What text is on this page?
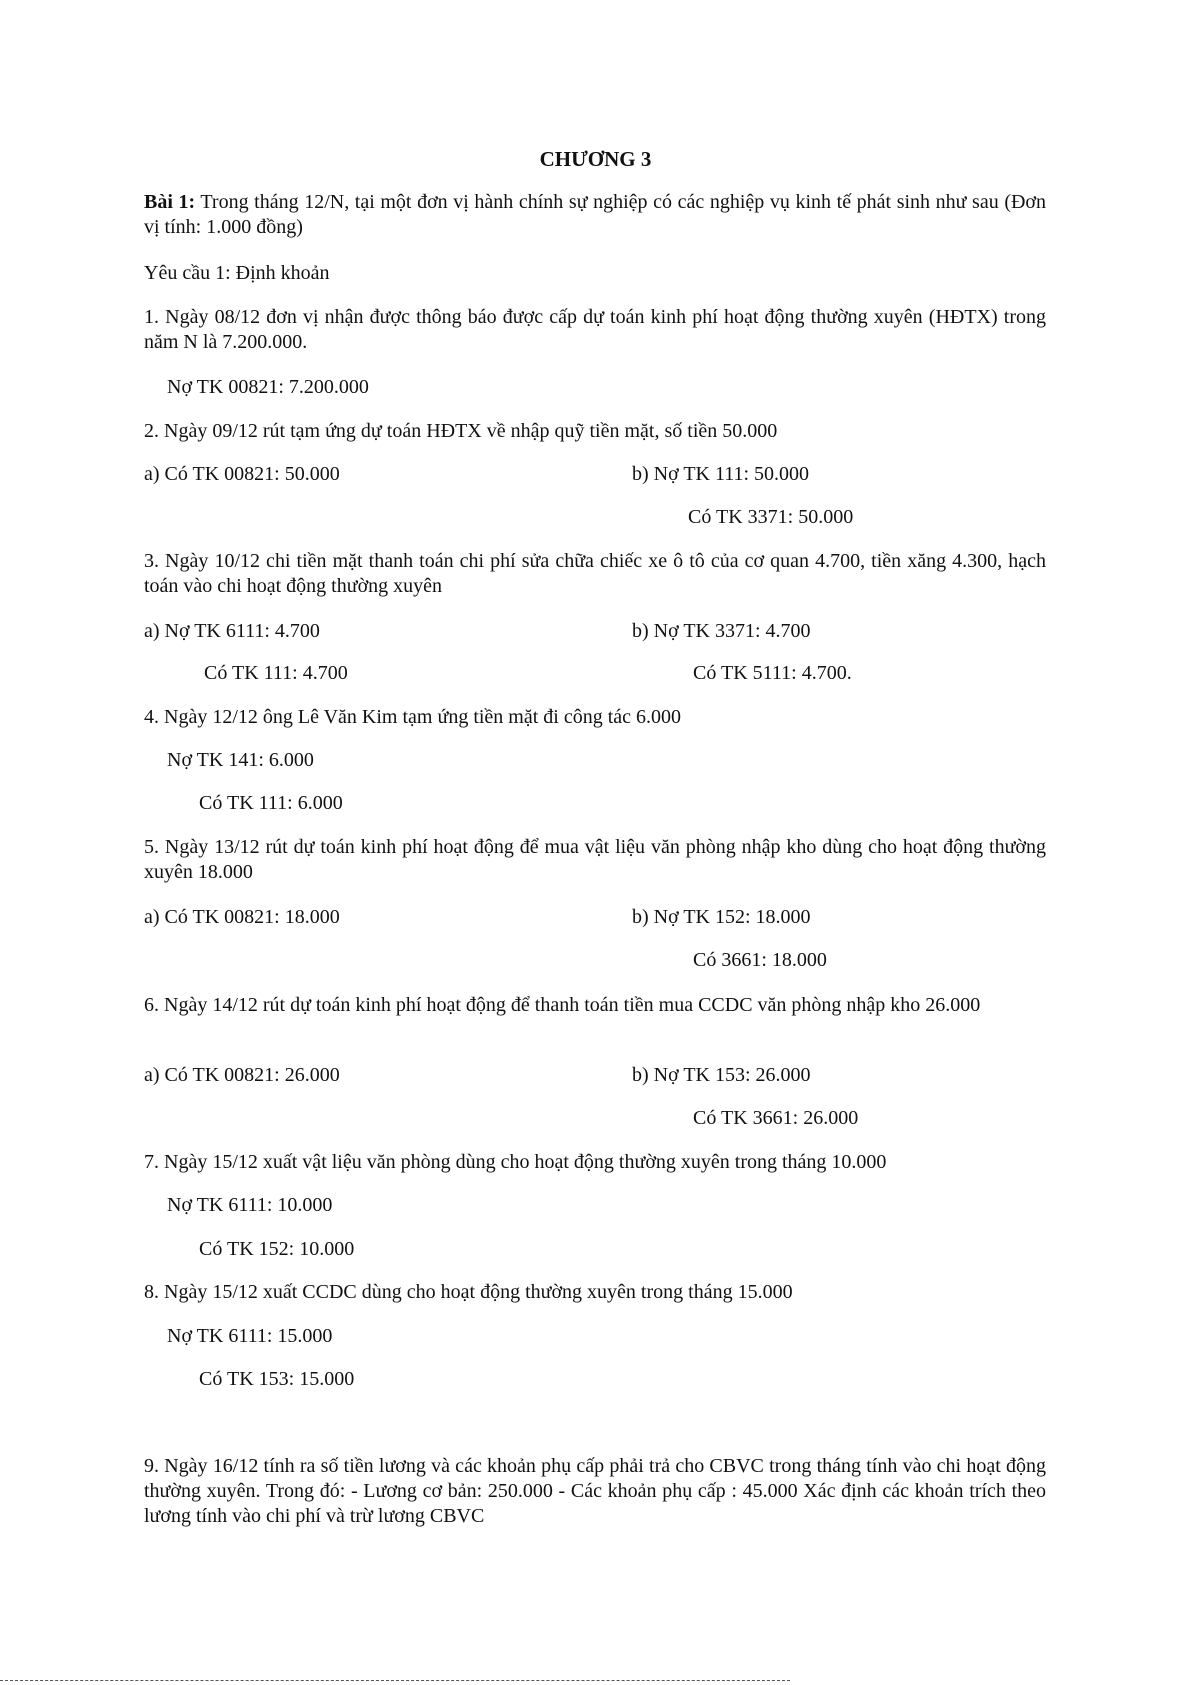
CHƯƠNG 3
Bài 1: Trong tháng 12/N, tại một đơn vị hành chính sự nghiệp có các nghiệp vụ kinh tế phát sinh như sau (Đơn vị tính: 1.000 đồng)
Yêu cầu 1: Định khoản
1. Ngày 08/12 đơn vị nhận được thông báo được cấp dự toán kinh phí hoạt động thường xuyên (HĐTX) trong năm N là 7.200.000.
Nợ TK 00821: 7.200.000
2. Ngày 09/12 rút tạm ứng dự toán HĐTX về nhập quỹ tiền mặt, số tiền 50.000
a) Có TK 00821: 50.000	b) Nợ TK 111: 50.000
Có TK 3371: 50.000
3. Ngày 10/12 chi tiền mặt thanh toán chi phí sửa chữa chiếc xe ô tô của cơ quan 4.700, tiền xăng 4.300, hạch toán vào chi hoạt động thường xuyên
a) Nợ TK 6111: 4.700	b) Nợ TK 3371: 4.700
Có TK 111: 4.700	Có TK 5111: 4.700.
4. Ngày 12/12 ông Lê Văn Kim tạm ứng tiền mặt đi công tác 6.000
Nợ TK 141: 6.000
Có TK 111: 6.000
5. Ngày 13/12 rút dự toán kinh phí hoạt động để mua vật liệu văn phòng nhập kho dùng cho hoạt động thường xuyên 18.000
a) Có TK 00821: 18.000	b) Nợ TK 152: 18.000
Có 3661: 18.000
6. Ngày 14/12 rút dự toán kinh phí hoạt động để thanh toán tiền mua CCDC văn phòng nhập kho 26.000
a) Có TK 00821: 26.000	b) Nợ TK 153: 26.000
Có TK 3661: 26.000
7. Ngày 15/12 xuất vật liệu văn phòng dùng cho hoạt động thường xuyên trong tháng 10.000
Nợ TK 6111: 10.000
Có TK 152: 10.000
8. Ngày 15/12 xuất CCDC dùng cho hoạt động thường xuyên trong tháng 15.000
Nợ TK 6111: 15.000
Có TK 153: 15.000
9. Ngày 16/12 tính ra số tiền lương và các khoản phụ cấp phải trả cho CBVC trong tháng tính vào chi hoạt động thường xuyên. Trong đó: - Lương cơ bản: 250.000 - Các khoản phụ cấp : 45.000 Xác định các khoản trích theo lương tính vào chi phí và trừ lương CBVC
